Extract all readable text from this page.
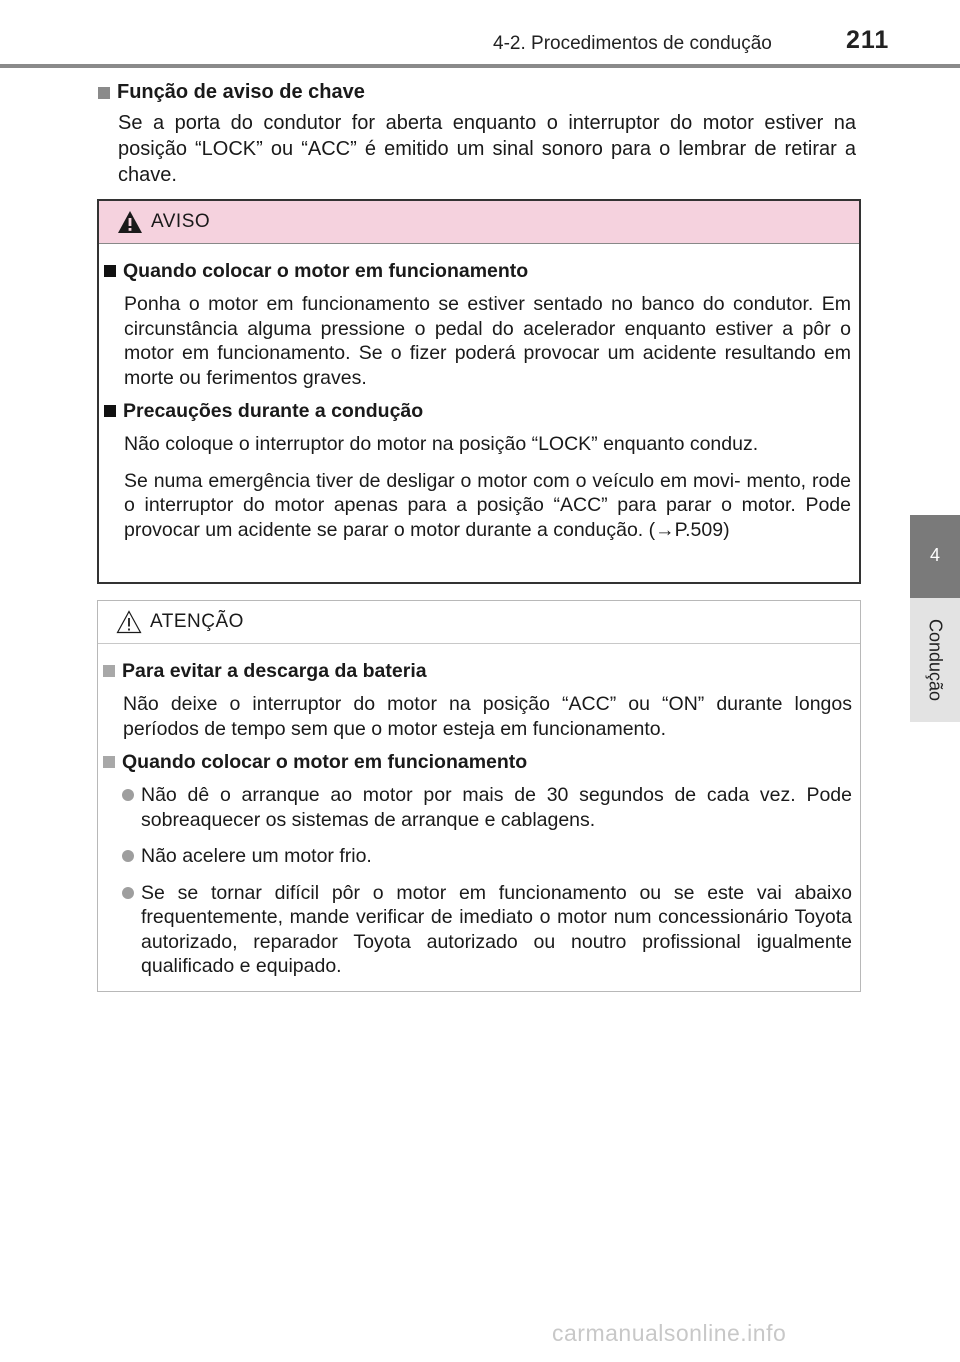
4-2. Procedimentos de condução	211
4
Condução
Função de aviso de chave
Se a porta do condutor for aberta enquanto o interruptor do motor estiver na posição “LOCK” ou “ACC” é emitido um sinal sonoro para o lembrar de retirar a chave.
AVISO
Quando colocar o motor em funcionamento
Ponha o motor em funcionamento se estiver sentado no banco do condutor. Em circunstância alguma pressione o pedal do acelerador enquanto estiver a pôr o motor em funcionamento. Se o fizer poderá provocar um acidente resultando em morte ou ferimentos graves.
Precauções durante a condução
Não coloque o interruptor do motor na posição “LOCK” enquanto conduz.
Se numa emergência tiver de desligar o motor com o veículo em movi- mento, rode o interruptor do motor apenas para a posição “ACC” para parar o motor. Pode provocar um acidente se parar o motor durante a condução. (→P.509)
ATENÇÃO
Para evitar a descarga da bateria
Não deixe o interruptor do motor na posição “ACC” ou “ON” durante longos períodos de tempo sem que o motor esteja em funcionamento.
Quando colocar o motor em funcionamento
Não dê o arranque ao motor por mais de 30 segundos de cada vez. Pode sobreaquecer os sistemas de arranque e cablagens.
Não acelere um motor frio.
Se se tornar difícil pôr o motor em funcionamento ou se este vai abaixo frequentemente, mande verificar de imediato o motor num concessionário Toyota autorizado, reparador Toyota autorizado ou noutro profissional igualmente qualificado e equipado.
carmanualsonline.info
